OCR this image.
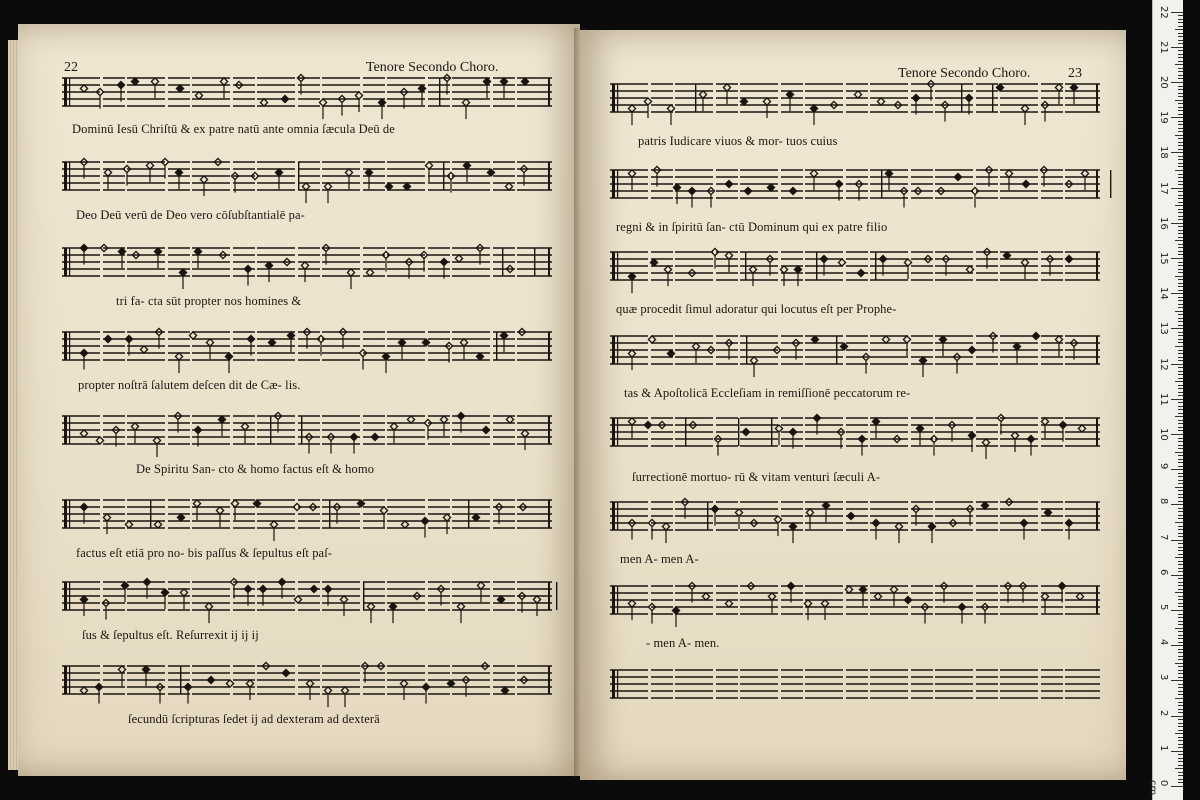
22	Tenore Secondo Choro.
Dominū Iesū Chriſtū & ex patre natū ante omnia ſæcula Deū de
Deo Deū verū de Deo vero cōſubſtantialē pa-
tri fa- cta sūt propter nos homines &
propter noſtrā ſalutem deſcen dit de Cæ- lis.
De Spiritu San- cto & homo factus eſt & homo
factus eſt etiā pro no- bis paſſus & ſepultus eſt paſ-
ſus & ſepultus eſt. Reſurrexit ij ij ij
ſecundū ſcripturas ſedet ij ad dexteram ad dexterā
Tenore Secondo Choro.	23
patris Iudicare viuos & mor- tuos cuius
regni & in ſpiritū ſan- ctū Dominum qui ex patre filio
quæ procedit ſimul adoratur qui locutus eſt per Prophe-
tas & Apoſtolicā Eccleſiam in remiſſionē peccatorum re-
ſurrectionē mortuo- rū & vitam venturi ſæculi A-
men A- men A-
- men A- men.
0 cm
1
2
3
4
5
6
7
8
9
10
11
12
13
14
15
16
17
18
19
20
21
22
